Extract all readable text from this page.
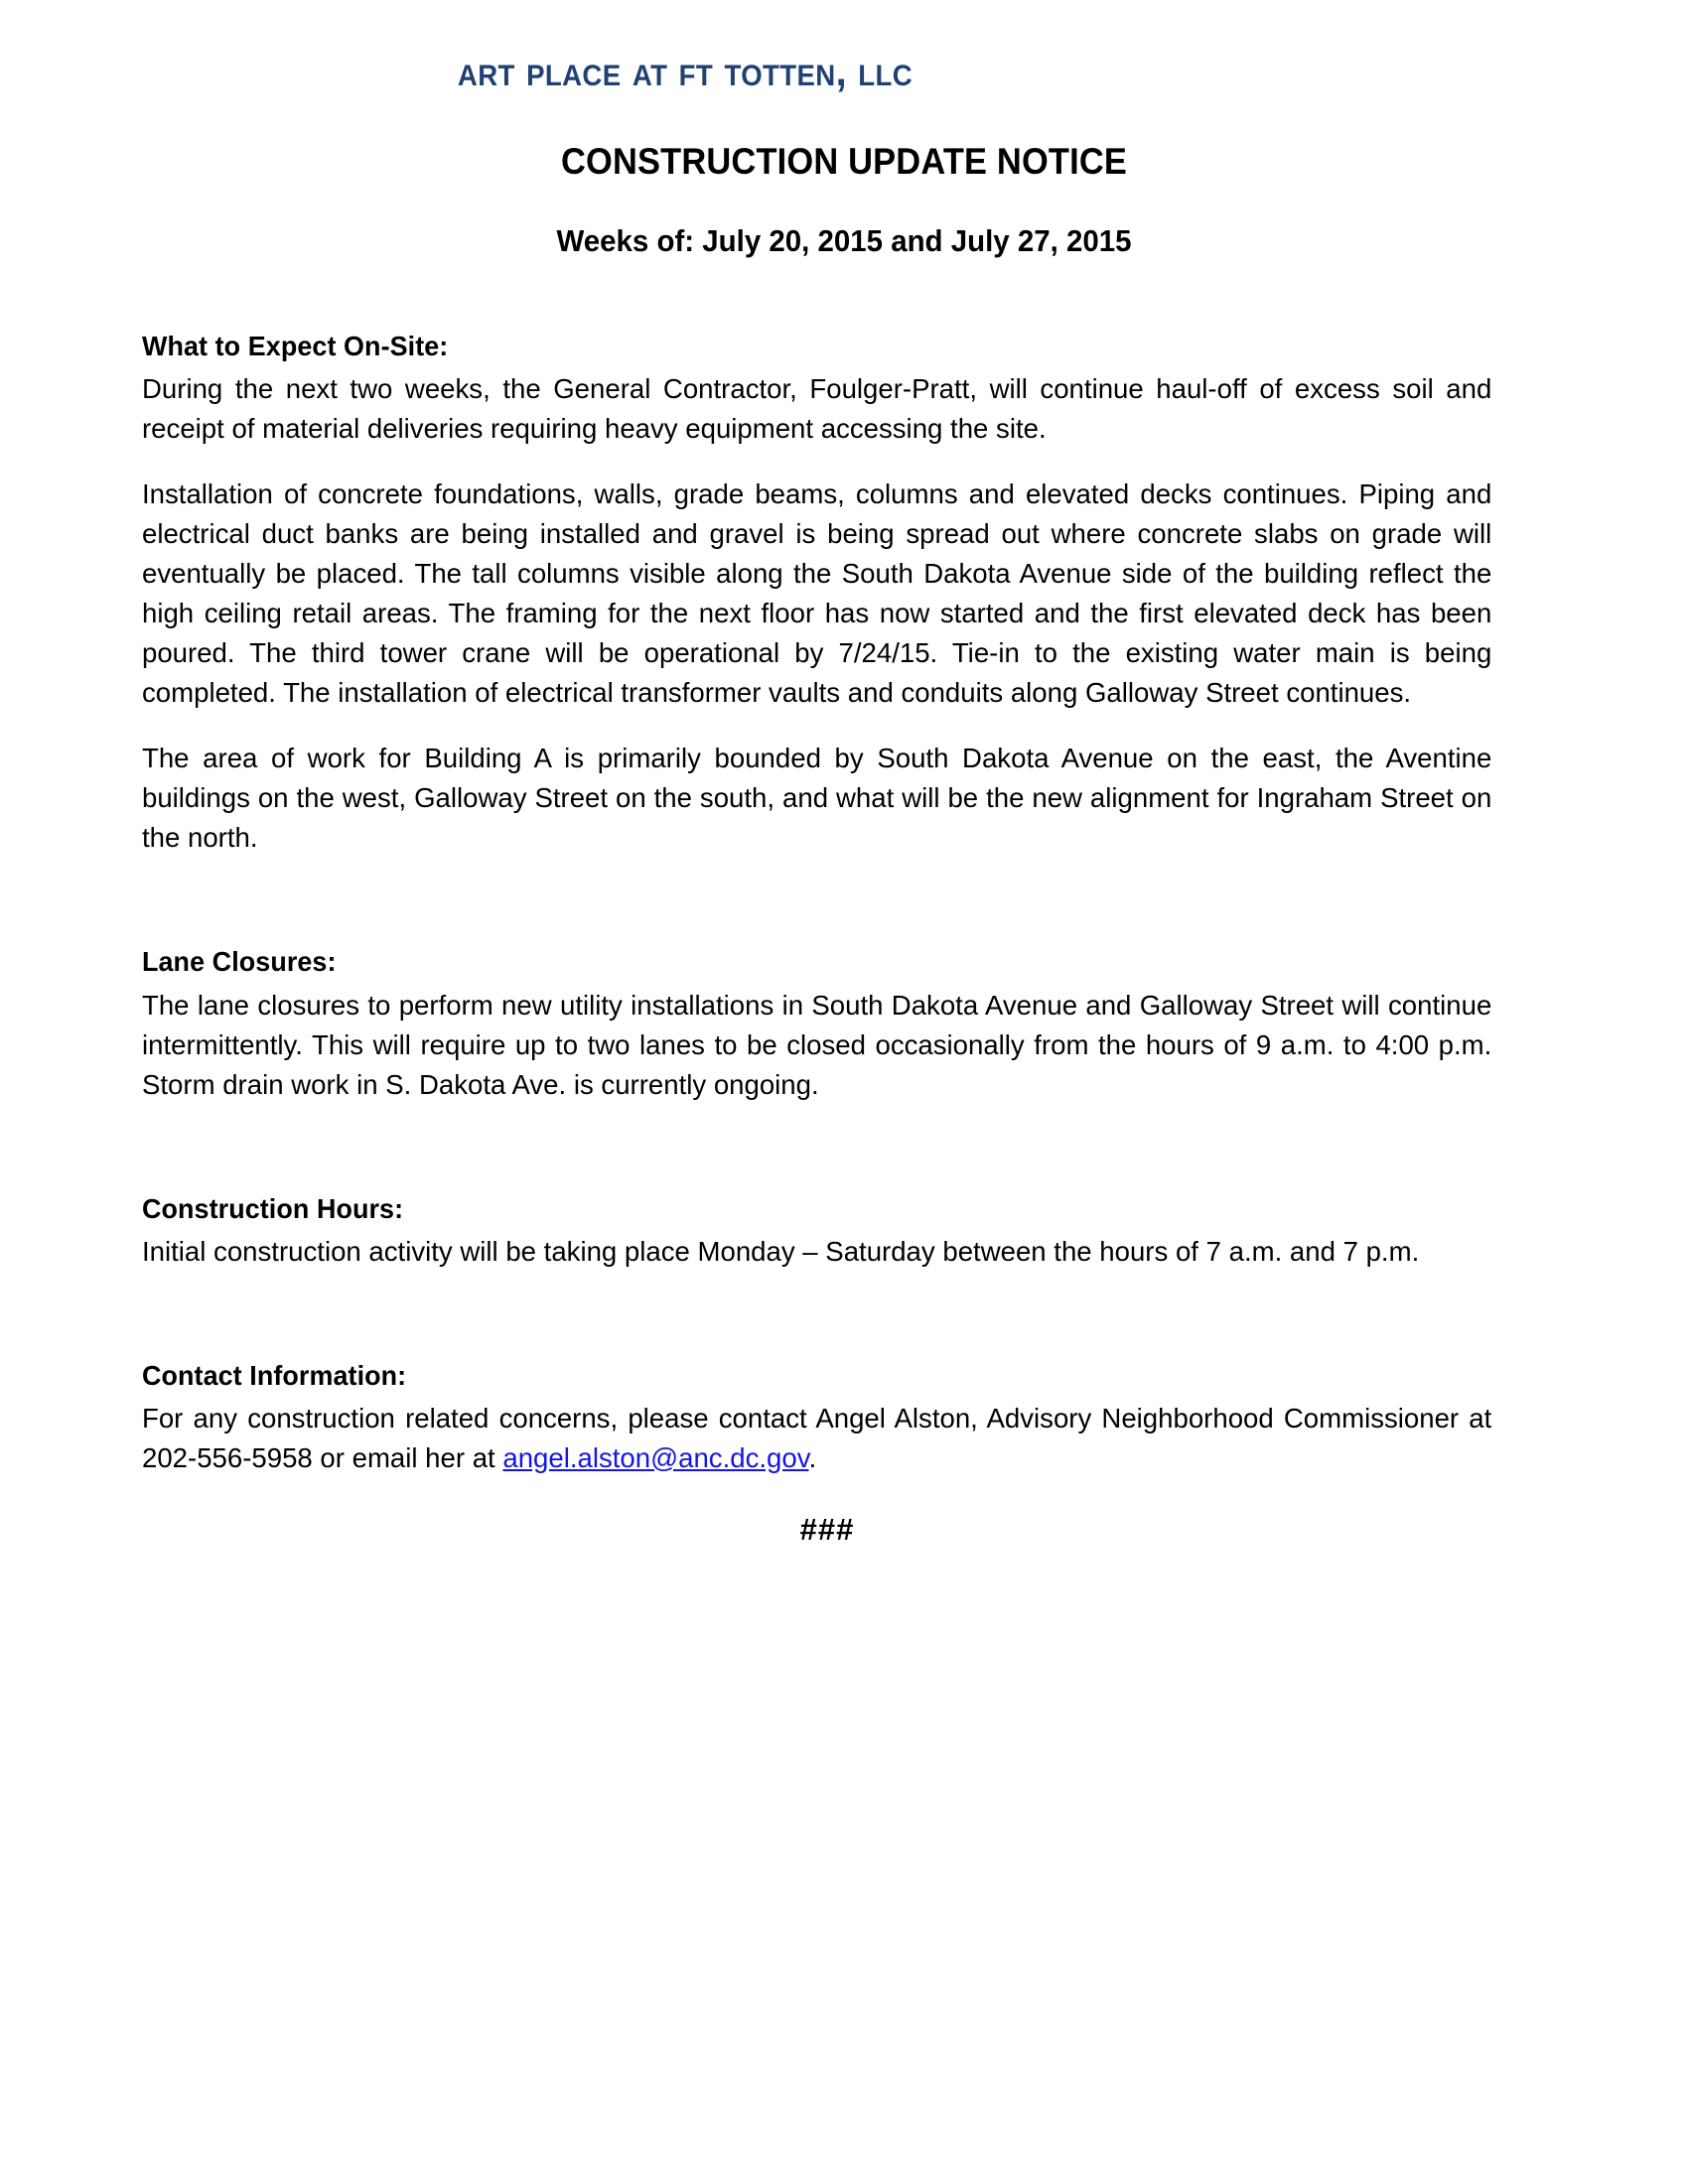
art place at ft totten, llc
CONSTRUCTION UPDATE NOTICE
Weeks of: July 20, 2015 and July 27, 2015
What to Expect On-Site:

During the next two weeks, the General Contractor, Foulger-Pratt, will continue haul-off of excess soil and receipt of material deliveries requiring heavy equipment accessing the site.

Installation of concrete foundations, walls, grade beams, columns and elevated decks continues. Piping and electrical duct banks are being installed and gravel is being spread out where concrete slabs on grade will eventually be placed. The tall columns visible along the South Dakota Avenue side of the building reflect the high ceiling retail areas. The framing for the next floor has now started and the first elevated deck has been poured. The third tower crane will be operational by 7/24/15. Tie-in to the existing water main is being completed. The installation of electrical transformer vaults and conduits along Galloway Street continues.

The area of work for Building A is primarily bounded by South Dakota Avenue on the east, the Aventine buildings on the west, Galloway Street on the south, and what will be the new alignment for Ingraham Street on the north.

Lane Closures:

The lane closures to perform new utility installations in South Dakota Avenue and Galloway Street will continue intermittently. This will require up to two lanes to be closed occasionally from the hours of 9 a.m. to 4:00 p.m. Storm drain work in S. Dakota Ave. is currently ongoing.

Construction Hours:

Initial construction activity will be taking place Monday – Saturday between the hours of 7 a.m. and 7 p.m.

Contact Information:

For any construction related concerns, please contact Angel Alston, Advisory Neighborhood Commissioner at 202-556-5958 or email her at angel.alston@anc.dc.gov.

###
